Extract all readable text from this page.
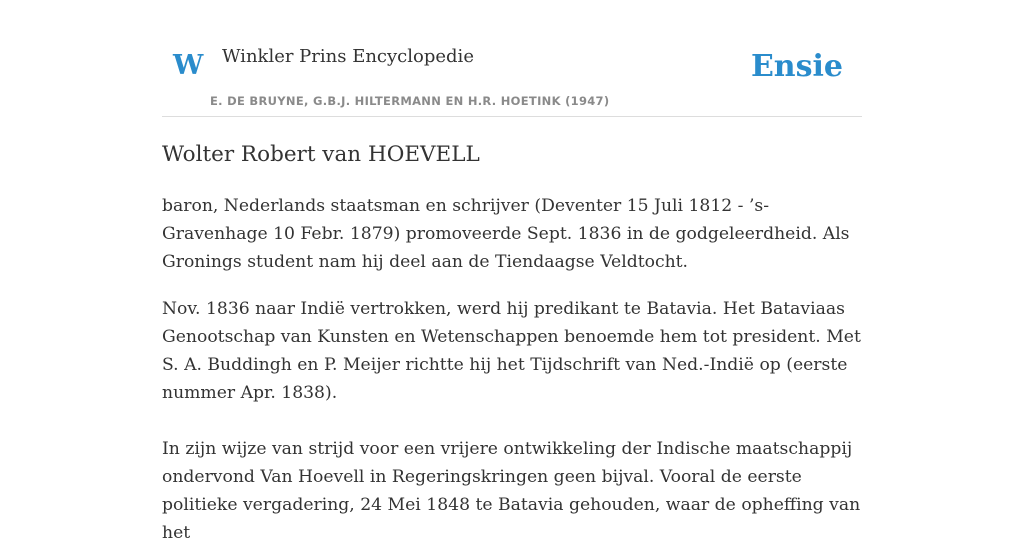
W Winkler Prins Encyclopedie
E. DE BRUYNE, G.B.J. HILTERMANN EN H.R. HOETINK (1947)
Ensie
Wolter Robert van HOEVELL

baron, Nederlands staatsman en schrijver (Deventer 15 Juli 1812 - ’s-Gravenhage 10 Febr. 1879) promoveerde Sept. 1836 in de godgeleerdheid. Als Gronings student nam hij deel aan de Tiendaagse Veldtocht.

Nov. 1836 naar Indië vertrokken, werd hij predikant te Batavia. Het Bataviaas Genootschap van Kunsten en Wetenschappen benoemde hem tot president. Met S. A. Buddingh en P. Meijer richtte hij het Tijdschrift van Ned.-Indië op (eerste nummer Apr. 1838).

In zijn wijze van strijd voor een vrijere ontwikkeling der Indische maatschappij ondervond Van Hoevell in Regeringskringen geen bijval. Vooral de eerste politieke vergadering, 24 Mei 1848 te Batavia gehouden, waar de opheffing van het
